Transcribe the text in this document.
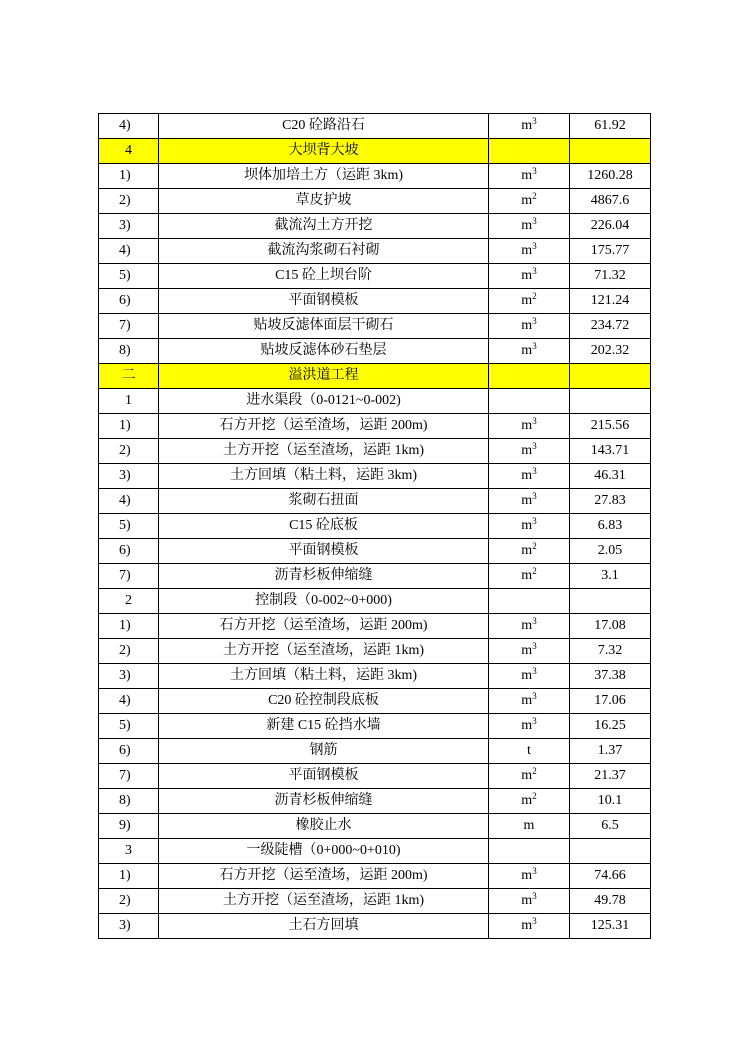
4)	C20 砼路沿石	$m^3$	61.92
4	大坝背大坡		
1)	坝体加培土方（运距 3km)	$m^3$	1260.28
2)	草皮护坡	$m^2$	4867.6
3)	截流沟土方开挖	$m^3$	226.04
4)	截流沟浆砌石衬砌	$m^3$	175.77
5)	C15 砼上坝台阶	$m^3$	71.32
6)	平面钢模板	$m^2$	121.24
7)	贴坡反滤体面层干砌石	$m^3$	234.72
8)	贴坡反滤体砂石垫层	$m^3$	202.32
二	溢洪道工程		
1	进水渠段（0-0121~0-002)		
1)	石方开挖（运至渣场，运距 200m)	$m^3$	215.56
2)	土方开挖（运至渣场，运距 1km)	$m^3$	143.71
3)	土方回填（粘土料，运距 3km)	$m^3$	46.31
4)	浆砌石扭面	$m^3$	27.83
5)	C15 砼底板	$m^3$	6.83
6)	平面钢模板	$m^2$	2.05
7)	沥青杉板伸缩缝	$m^2$	3.1
2	控制段（0-002~0+000)		
1)	石方开挖（运至渣场，运距 200m)	$m^3$	17.08
2)	土方开挖（运至渣场，运距 1km)	$m^3$	7.32
3)	土方回填（粘土料，运距 3km)	$m^3$	37.38
4)	C20 砼控制段底板	$m^3$	17.06
5)	新建 C15 砼挡水墙	$m^3$	16.25
6)	钢筋	t	1.37
7)	平面钢模板	$m^2$	21.37
8)	沥青杉板伸缩缝	$m^2$	10.1
9)	橡胶止水	m	6.5
3	一级陡槽（0+000~0+010)		
1)	石方开挖（运至渣场，运距 200m)	$m^3$	74.66
2)	土方开挖（运至渣场，运距 1km)	$m^3$	49.78
3)	土石方回填	$m^3$	125.31
